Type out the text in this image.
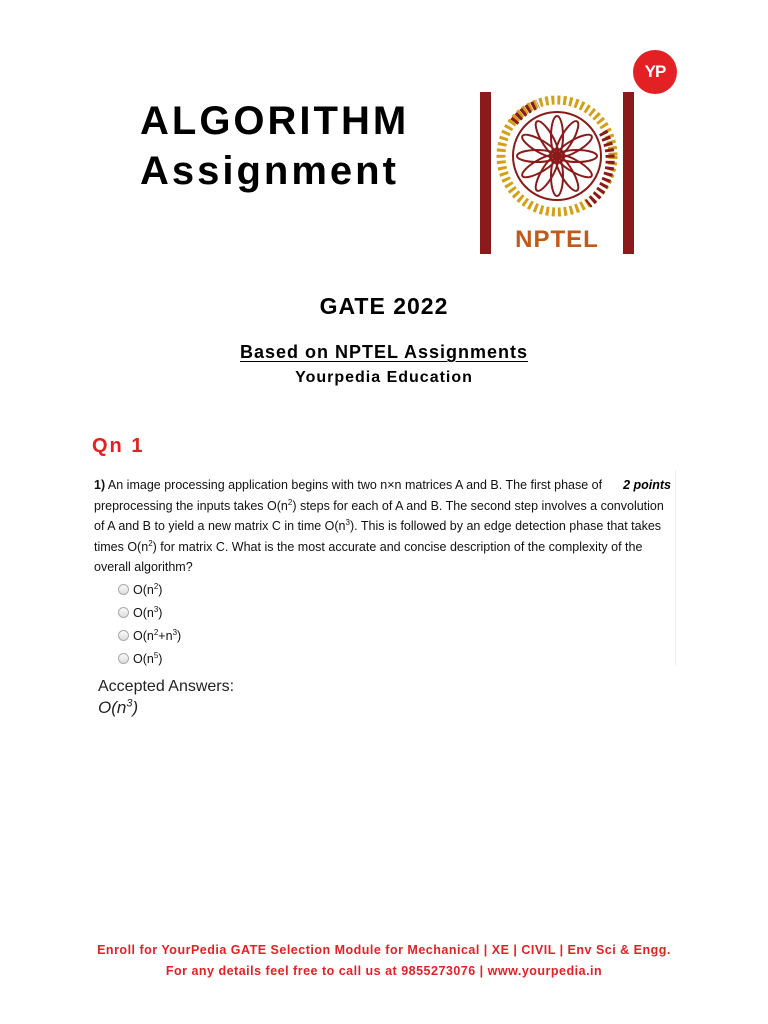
ALGORITHM
Assignment
YP
NPTEL
GATE 2022
Based on NPTEL Assignments
Yourpedia Education
Qn 1
1) An image processing application begins with two n×n matrices A and B. The first phase of preprocessing the inputs takes $O(n^2)$ steps for each of A and B. The second step involves a convolution of A and B to yield a new matrix C in time $O(n^3)$. This is followed by an edge detection phase that takes times $O(n^2)$ for matrix C. What is the most accurate and concise description of the complexity of the overall algorithm?
2 points
$O(n^2)$
$O(n^3)$
$O(n^2+n^3)$
$O(n^5)$
Accepted Answers:
$O(n^3)$
Enroll for YourPedia GATE Selection Module for Mechanical | XE | CIVIL | Env Sci & Engg.
For any details feel free to call us at 9855273076 | www.yourpedia.in
